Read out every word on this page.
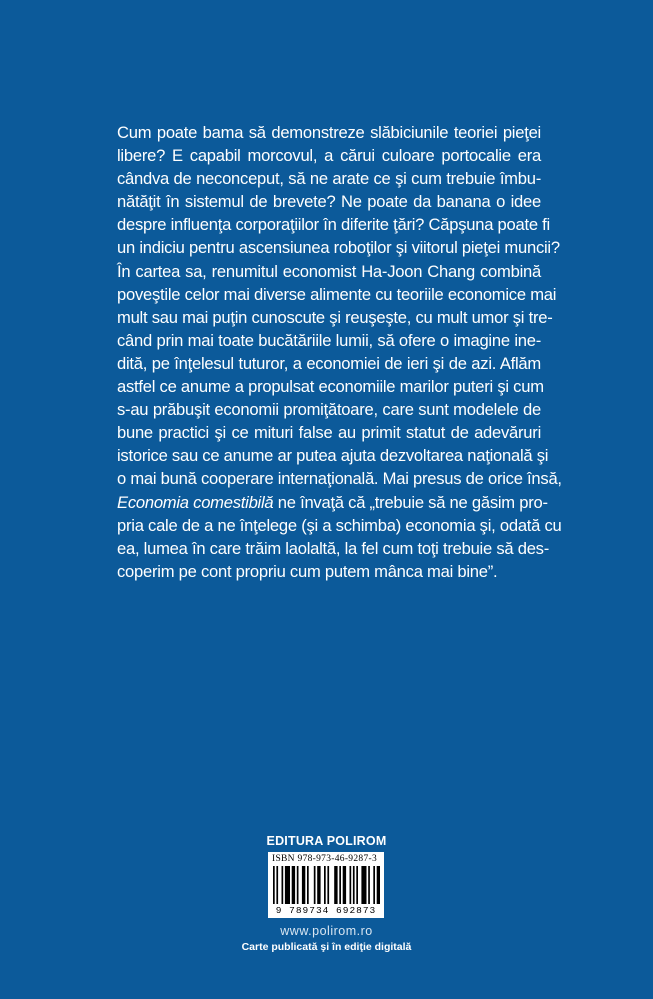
Cum poate bama să demonstreze slăbiciunile teoriei pieţei
libere? E capabil morcovul, a cărui culoare portocalie era
cândva de neconceput, să ne arate ce şi cum trebuie îmbu-
nătăţit în sistemul de brevete? Ne poate da banana o idee
despre influenţa corporaţiilor în diferite ţări? Căpşuna poate fi
un indiciu pentru ascensiunea roboţilor şi viitorul pieţei muncii?
În cartea sa, renumitul economist Ha-Joon Chang combină
poveştile celor mai diverse alimente cu teoriile economice mai
mult sau mai puţin cunoscute şi reuşeşte, cu mult umor şi tre-
când prin mai toate bucătăriile lumii, să ofere o imagine ine-
dită, pe înţelesul tuturor, a economiei de ieri şi de azi. Aflăm
astfel ce anume a propulsat economiile marilor puteri şi cum
s-au prăbuşit economii promiţătoare, care sunt modelele de
bune practici şi ce mituri false au primit statut de adevăruri
istorice sau ce anume ar putea ajuta dezvoltarea naţională şi
o mai bună cooperare internaţională. Mai presus de orice însă,
Economia comestibilă ne învaţă că „trebuie să ne găsim pro-
pria cale de a ne înţelege (şi a schimba) economia şi, odată cu
ea, lumea în care trăim laolaltă, la fel cum toţi trebuie să des-
coperim pe cont propriu cum putem mânca mai bine”.
EDITURA POLIROM
ISBN 978-973-46-9287-3
9 789734 692873
www.polirom.ro
Carte publicată şi în ediţie digitală
